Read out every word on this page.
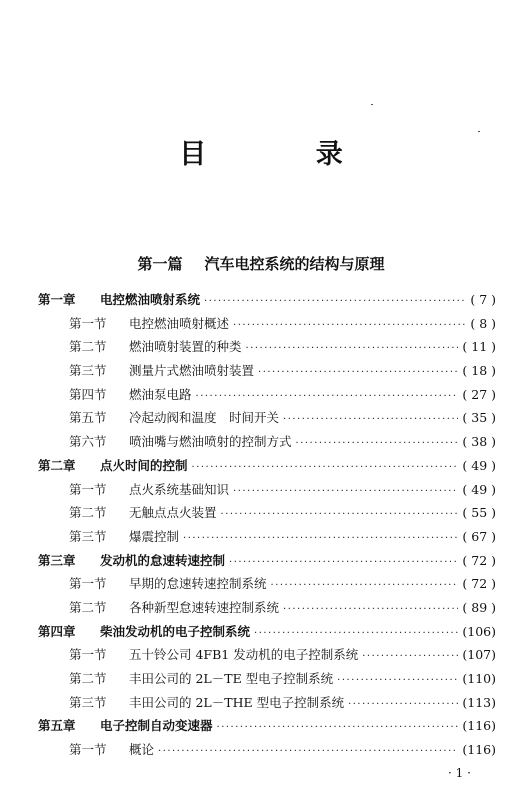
目 录
第一篇 汽车电控系统的结构与原理
第一章	电控燃油喷射系统 ·····	( 7 )
第一节	电控燃油喷射概述 ·····	( 8 )
第二节	燃油喷射装置的种类 ·····	( 11 )
第三节	测量片式燃油喷射装置 ·····	( 18 )
第四节	燃油泵电路 ·····	( 27 )
第五节	冷起动阀和温度　时间开关 ·····	( 35 )
第六节	喷油嘴与燃油喷射的控制方式 ·····	( 38 )
第二章	点火时间的控制 ·····	( 49 )
第一节	点火系统基础知识 ·····	( 49 )
第二节	无触点点火装置 ·····	( 55 )
第三节	爆震控制 ·····	( 67 )
第三章	发动机的怠速转速控制 ·····	( 72 )
第一节	早期的怠速转速控制系统 ·····	( 72 )
第二节	各种新型怠速转速控制系统 ·····	( 89 )
第四章	柴油发动机的电子控制系统 ·····	(106)
第一节	五十铃公司 4FB1 发动机的电子控制系统 ·····	(107)
第二节	丰田公司的 2L－TE 型电子控制系统 ·····	(110)
第三节	丰田公司的 2L－THE 型电子控制系统 ·····	(113)
第五章	电子控制自动变速器 ·····	(116)
第一节	概论 ·····	(116)
· 1 ·
